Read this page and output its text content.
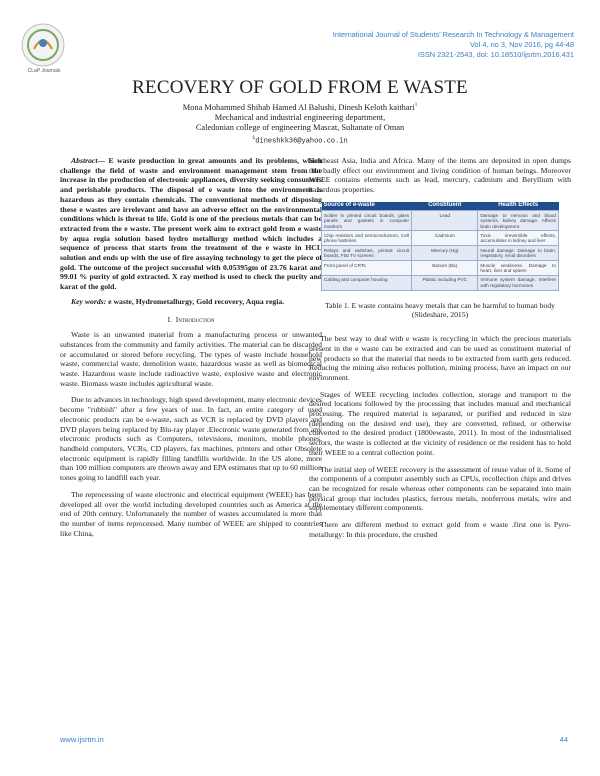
CLaP Journals
International Journal of Students' Research In Technology & Management
Vol 4, no 3, Nov 2016, pg 44-48
ISSN 2321-2543, doi: 10.18510/ijsrtm.2016.431
RECOVERY OF GOLD FROM E WASTE
Mona Mohammed Shihab Hamed Al Balushi, Dinesh Keloth kaithari$^1$
Mechanical and industrial engineering department,
Caledonian college of engineering Mascat, Sultanate of Oman
$^1$dineshkk36@yahoo.co.in

Abstract— E waste production in great amounts and its problems, which challenge the field of waste and environment management stem from the increase in the production of electronic appliances, diversity seeking consumers and perishable products. The disposal of e waste into the environment is hazardous as they contain chemicals. The conventional methods of disposing these e wastes are irrelevant and have an adverse effect on the environmental conditions which is threat to life. Gold is one of the precious metals that can be extracted from the e waste. The present work aim to extract gold from e waste by aqua regia solution based hydro metallurgy method which includes a sequence of process that starts from the treatment of the e waste in HCL solution and ends up with the use of fire assaying technology to get the piece of gold. The outcome of the project successful with 0.05395gm of 23.76 karat and 99.01 % purity of gold extracted. X ray method is used to check the purity and karat of the gold.

Key words: e waste, Hydrometallurgy, Gold recovery, Aqua regia.

I. Introduction

Waste is an unwanted material from a manufacturing process or unwanted substances from the community and family activities. The material can be discarded or accumulated or stored before recycling. The types of waste include household waste, commercial waste, demolition waste, hazardous waste as well as biomedical waste. Hazardous waste include radioactive waste, explosive waste and electronic waste. Biomass waste includes agricultural waste.

Due to advances in technology, high speed development, many electronic devices become "rubbish" after a few years of use. In fact, an entire category of used electronic products can be e-waste, such as VCR is replaced by DVD players and DVD players being replaced by Blu-ray player .Electronic waste generated from any electronic products such as Computers, televisions, monitors, mobile phones, handheld computers, VCRs, CD players, fax machines, printers and other Obsolete electronic equipment is rapidly filling landfills worldwide. In the US alone, more than 100 million computers are thrown away and EPA estimates that up to 60 million tones going to landfill each year.

The reprocessing of waste electronic and electrical equipment (WEEE) has been developed all over the world including developed countries such as America at the end of 20th century. Unfortunately the number of wastes accumulated is more than the number of items reprocessed. Many number of WEEE are shipped to countries like China,

Southeast Asia, India and Africa. Many of the items are deposited in open dumps that badly effect our environment and living condition of human beings. Moreover WEEE contains elements such as lead, mercury, cadmium and Beryllium with hazardous properties.

Source of e-waste	Constituent	Health Effects
Solder in printed circuit boards, glass panels and gaskets in computer monitors	Lead	Damage to nervous and blood systems, kidney damage. Affects brain development.
Chip resistors and semiconductors, Cell phone batteries	Cadmium	Toxic irreversible effects, accumulates in kidney and liver
Relays and switches, printed circuit boards, Flat TV screens	Mercury (Hg)	Neural damage. Damage to brain, respiratory, renal disorders
Front panel of CRTs	Barium (Ba)	Muscle weakness. Damage to heart, liver and spleen
Cabling and computer housing	Plastic including PVC	Immune system damage. Interfere with regulatory hormones

Table 1. E waste contains heavy metals that can be harmful to human body (Slideshare, 2015)

The best way to deal with e waste is recycling in which the precious materials present in the e waste can be extracted and can be used as constituent material of new products so that the material that needs to be extracted from earth gets reduced. Reducing the mining also reduces pollution, mining process, have an impact on our environment.

Stages of WEEE recycling includes collection, storage and transport to the desired locations followed by the processing that includes manual and mechanical processing. The required material is separated, or purified and reduced in size (depending on the desired end use), they are converted, refined, or otherwise converted to the desired product (1800ewaste, 2011). In most of the industrialised sectors, the waste is collected at the vicinity of residence or the resident has to hold their WEEE to a central collection point.

The initial step of WEEE recovery is the assessment of reuse value of it. Some of the components of a computer assembly such as CPUs, recollection chips and drives can be recognized for resale whereas other components can be separated into main physical group that includes plastics, ferrous metals, nonferrous metals, wire and supplementary different components.

There are different method to extract gold from e waste .first one is Pyro-metallurgy: In this procedure, the crushed

www.ijsrtm.in	44
